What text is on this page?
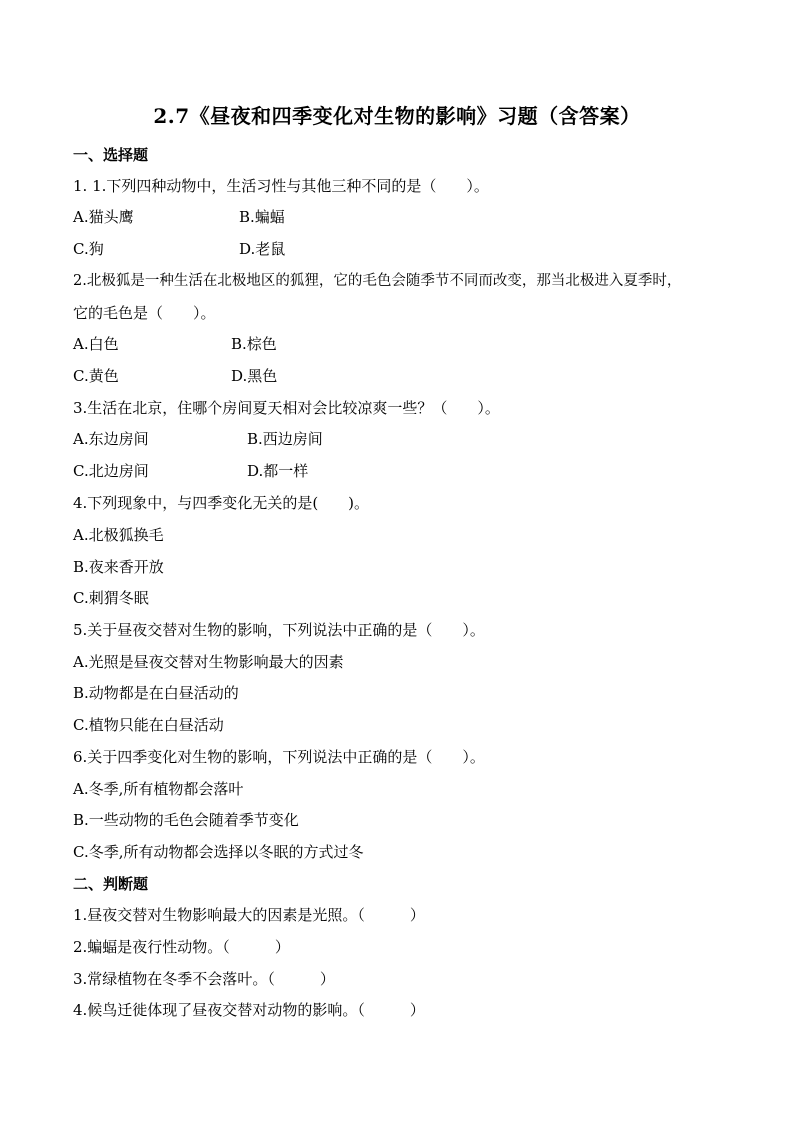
2.7《昼夜和四季变化对生物的影响》习题（含答案）
一、选择题
1. 1.下列四种动物中，生活习性与其他三种不同的是（　　）。
A.猫头鹰	B.蝙蝠
C.狗	D.老鼠
2.北极狐是一种生活在北极地区的狐狸，它的毛色会随季节不同而改变，那当北极进入夏季时，
它的毛色是（　　）。
A.白色	B.棕色
C.黄色	D.黑色
3.生活在北京，住哪个房间夏天相对会比较凉爽一些？（　　）。
A.东边房间	B.西边房间
C.北边房间	D.都一样
4.下列现象中，与四季变化无关的是(　　)。
A.北极狐换毛
B.夜来香开放
C.刺猬冬眠
5.关于昼夜交替对生物的影响，下列说法中正确的是（　　）。
A.光照是昼夜交替对生物影响最大的因素
B.动物都是在白昼活动的
C.植物只能在白昼活动
6.关于四季变化对生物的影响，下列说法中正确的是（　　）。
A.冬季,所有植物都会落叶
B.一些动物的毛色会随着季节变化
C.冬季,所有动物都会选择以冬眠的方式过冬
二、判断题
1.昼夜交替对生物影响最大的因素是光照。（　　　）
2.蝙蝠是夜行性动物。（　　　）
3.常绿植物在冬季不会落叶。（　　　）
4.候鸟迁徙体现了昼夜交替对动物的影响。（　　　）
